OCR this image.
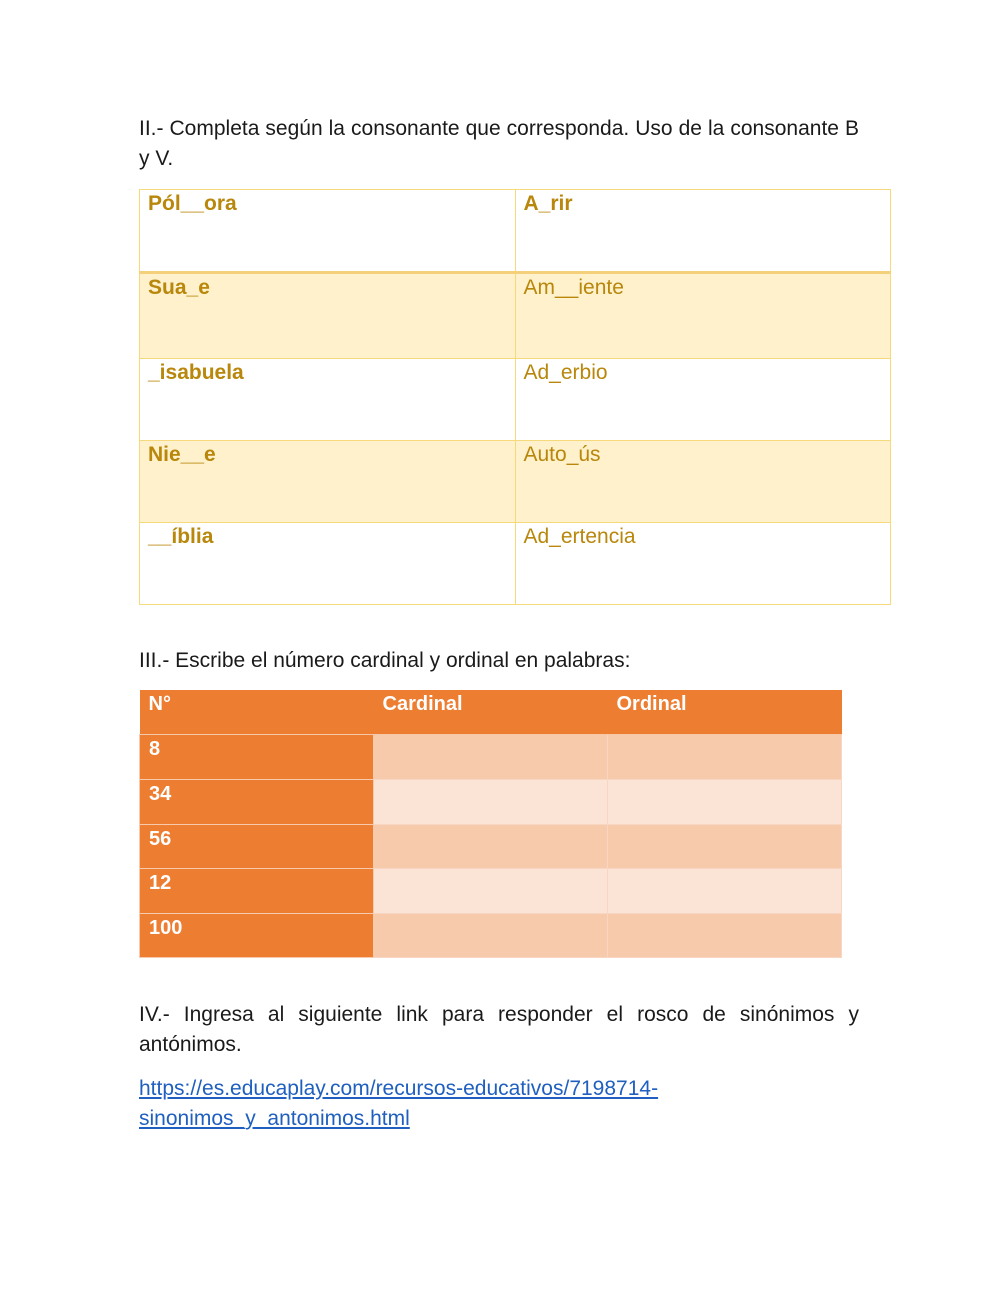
II.- Completa según la consonante que corresponda. Uso de la consonante B y V.
Pól__ora	A_rir
Sua_e	Am__iente
_isabuela	Ad_erbio
Nie__e	Auto_ús
__íblia	Ad_ertencia
III.- Escribe el número cardinal y ordinal en palabras:
N°	Cardinal	Ordinal
8		
34		
56		
12		
100		
IV.- Ingresa al siguiente link para responder el rosco de sinónimos y antónimos.
https://es.educaplay.com/recursos-educativos/7198714-sinonimos_y_antonimos.html
